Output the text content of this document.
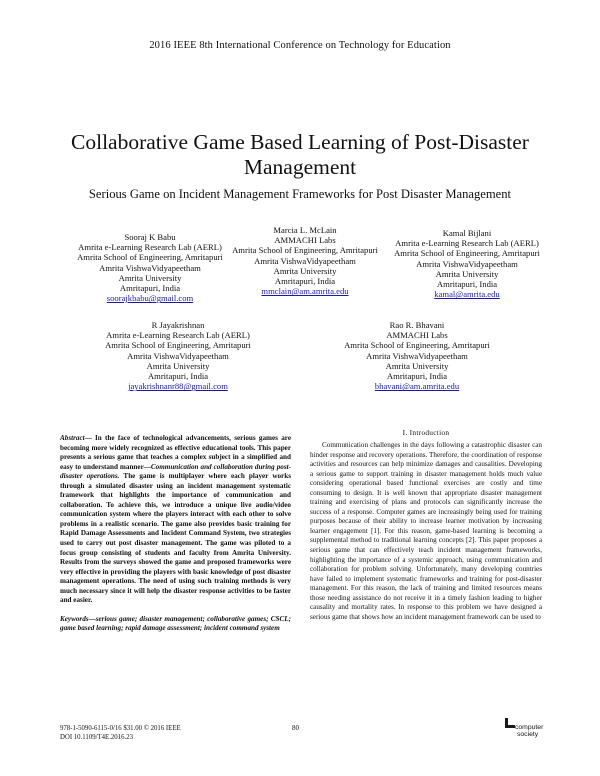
2016 IEEE 8th International Conference on Technology for Education
Collaborative Game Based Learning of Post-Disaster
Management
Serious Game on Incident Management Frameworks for Post Disaster Management
Sooraj K Babu
Amrita e-Learning Research Lab (AERL)
Amrita School of Engineering, Amritapuri
Amrita VishwaVidyapeetham
Amrita University
Amritapuri, India
soorajkbabu@gmail.com
Marcia L. McLain
AMMACHI Labs
Amrita School of Engineering, Amritapuri
Amrita VishwaVidyapeetham
Amrita University
Amritapuri, India
mmclain@am.amrita.edu
Kamal Bijlani
Amrita e-Learning Research Lab (AERL)
Amrita School of Engineering, Amritapuri
Amrita VishwaVidyapeetham
Amrita University
Amritapuri, India
kamal@amrita.edu
R Jayakrishnan
Amrita e-Learning Research Lab (AERL)
Amrita School of Engineering, Amritapuri
Amrita VishwaVidyapeetham
Amrita University
Amritapuri, India
jayakrishnanr88@gmail.com
Rao R. Bhavani
AMMACHI Labs
Amrita School of Engineering, Amritapuri
Amrita VishwaVidyapeetham
Amrita University
Amritapuri, India
bhavani@am.amrita.edu

Abstract— In the face of technological advancements, serious games are becoming more widely recognized as effective educational tools. This paper presents a serious game that teaches a complex subject in a simplified and easy to understand manner—Communication and collaboration during post-disaster operations. The game is multiplayer where each player works through a simulated disaster using an incident management systematic framework that highlights the importance of communication and collaboration. To achieve this, we introduce a unique live audio/video communication system where the players interact with each other to solve problems in a realistic scenario. The game also provides basic training for Rapid Damage Assessments and Incident Command System, two strategies used to carry out post disaster management. The game was piloted to a focus group consisting of students and faculty from Amrita University. Results from the surveys showed the game and proposed frameworks were very effective in providing the players with basic knowledge of post disaster management operations. The need of using such training methods is very much necessary since it will help the disaster response activities to be faster and easier.

Keywords—serious game; disaster management; collaborative games; CSCL; game based learning; rapid damage assessment; incident command system
I. Introduction
Communication challenges in the days following a catastrophic disaster can hinder response and recovery operations. Therefore, the coordination of response activities and resources can help minimize damages and causalities. Developing a serious game to support training in disaster management holds much value considering operational based functional exercises are costly and time consuming to design. It is well known that appropriate disaster management training and exercising of plans and protocols can significantly increase the success of a response. Computer games are increasingly being used for training purposes because of their ability to increase learner motivation by increasing learner engagement [1]. For this reason, game-based learning is becoming a supplemental method to traditional learning concepts [2]. This paper proposes a serious game that can effectively teach incident management frameworks, highlighting the importance of a systemic approach, using communication and collaboration for problem solving. Unfortunately, many developing countries have failed to implement systematic frameworks and training for post-disaster management. For this reason, the lack of training and limited resources means those needing assistance do not receive it in a timely fashion leading to higher causality and mortality rates. In response to this problem we have designed a serious game that shows how an incident management framework can be used to
978-1-5090-6115-0/16 $31.00 © 2016 IEEE
DOI 10.1109/T4E.2016.23
80	computer
society
